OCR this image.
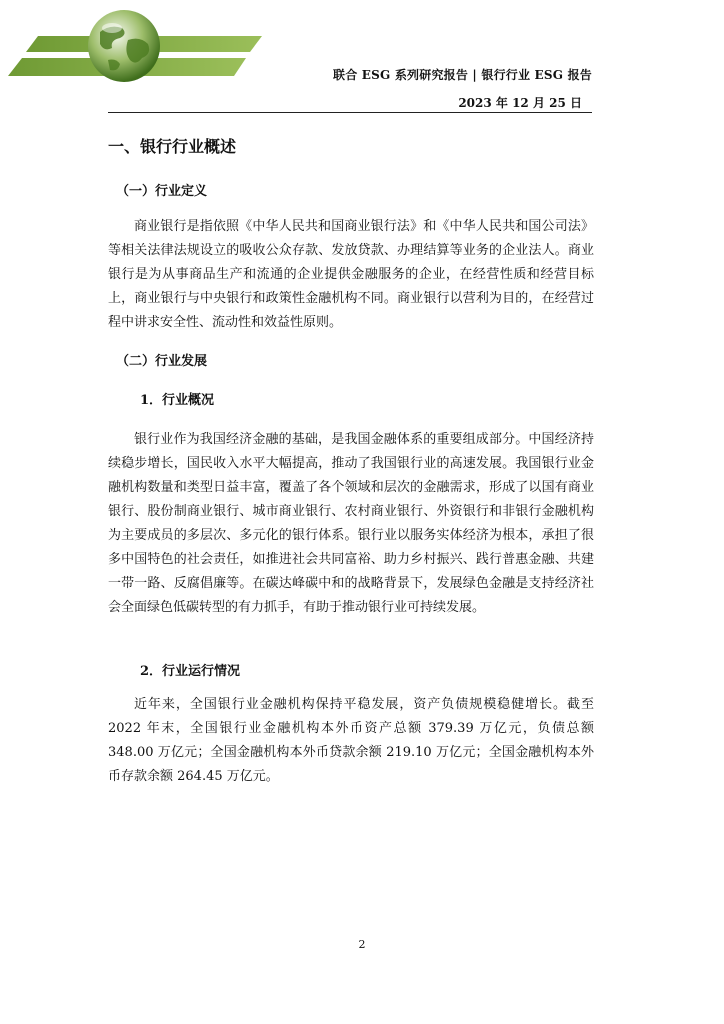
联合 ESG 系列研究报告 | 银行行业 ESG 报告
2023 年 12 月 25 日
一、银行行业概述
（一）行业定义
商业银行是指依照《中华人民共和国商业银行法》和《中华人民共和国公司法》等相关法律法规设立的吸收公众存款、发放贷款、办理结算等业务的企业法人。商业银行是为从事商品生产和流通的企业提供金融服务的企业，在经营性质和经营目标上，商业银行与中央银行和政策性金融机构不同。商业银行以营利为目的，在经营过程中讲求安全性、流动性和效益性原则。
（二）行业发展
1．行业概况
银行业作为我国经济金融的基础，是我国金融体系的重要组成部分。中国经济持续稳步增长，国民收入水平大幅提高，推动了我国银行业的高速发展。我国银行业金融机构数量和类型日益丰富，覆盖了各个领域和层次的金融需求，形成了以国有商业银行、股份制商业银行、城市商业银行、农村商业银行、外资银行和非银行金融机构为主要成员的多层次、多元化的银行体系。银行业以服务实体经济为根本，承担了很多中国特色的社会责任，如推进社会共同富裕、助力乡村振兴、践行普惠金融、共建一带一路、反腐倡廉等。在碳达峰碳中和的战略背景下，发展绿色金融是支持经济社会全面绿色低碳转型的有力抓手，有助于推动银行业可持续发展。
2．行业运行情况
近年来，全国银行业金融机构保持平稳发展，资产负债规模稳健增长。截至 2022 年末，全国银行业金融机构本外币资产总额 379.39 万亿元，负债总额 348.00 万亿元；全国金融机构本外币贷款余额 219.10 万亿元；全国金融机构本外币存款余额 264.45 万亿元。
2
